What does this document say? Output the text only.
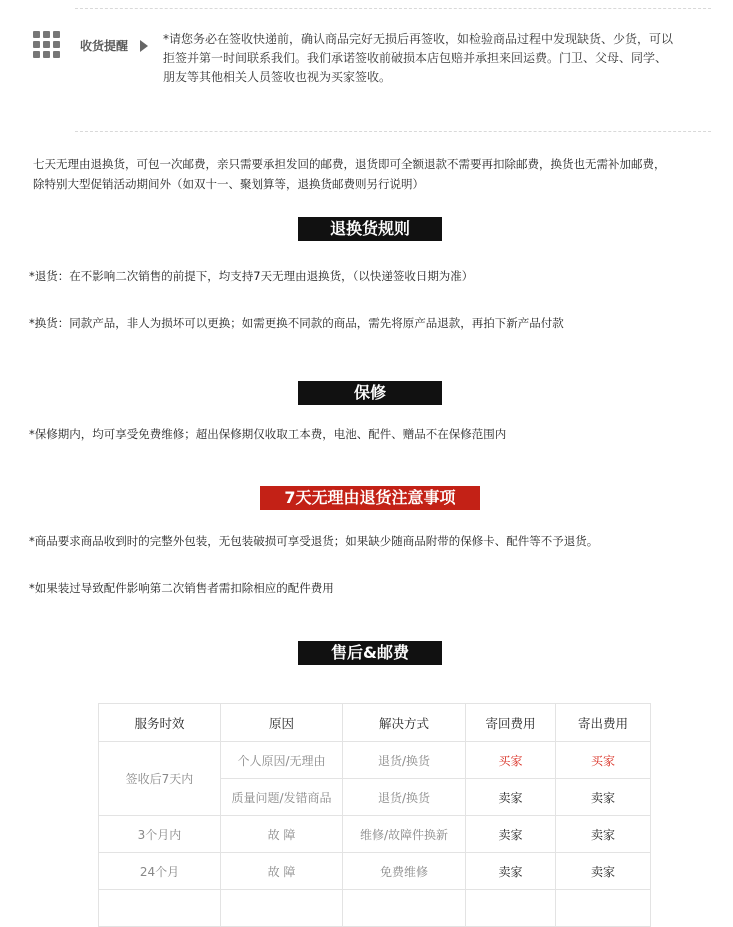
收货提醒	*请您务必在签收快递前，确认商品完好无损后再签收，如检验商品过程中发现缺货、少货，可以
拒签并第一时间联系我们。我们承诺签收前破损本店包赔并承担来回运费。门卫、父母、同学、
朋友等其他相关人员签收也视为买家签收。
七天无理由退换货，可包一次邮费，亲只需要承担发回的邮费，退货即可全额退款不需要再扣除邮费，换货也无需补加邮费，
除特别大型促销活动期间外（如双十一、聚划算等，退换货邮费则另行说明）
退换货规则
*退货：在不影响二次销售的前提下，均支持7天无理由退换货，（以快递签收日期为准）
*换货：同款产品，非人为损坏可以更换；如需更换不同款的商品，需先将原产品退款，再拍下新产品付款
保修
*保修期内，均可享受免费维修；超出保修期仅收取工本费，电池、配件、赠品不在保修范围内
7天无理由退货注意事项
*商品要求商品收到时的完整外包装，无包装破损可享受退货；如果缺少随商品附带的保修卡、配件等不予退货。
*如果装过导致配件影响第二次销售者需扣除相应的配件费用
售后&邮费
服务时效	原因	解决方式	寄回费用	寄出费用
签收后7天内	个人原因/无理由	退货/换货	买家	买家
	质量问题/发错商品	退货/换货	卖家	卖家
3个月内	故 障	维修/故障件换新	卖家	卖家
24个月	故 障	免费维修	卖家	卖家
